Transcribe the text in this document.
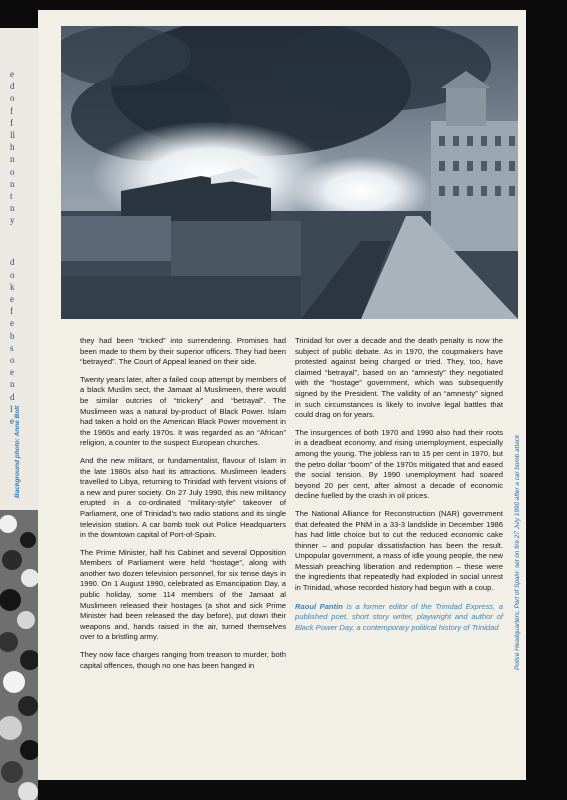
e
d
o
f
f
ll
h
n
o
n
t
n
y
d
o
k
e
f
e
b
s
o
e
n
d
l
e Background photo: Anne Bolt

they had been “tricked” into surrendering. Promises had been made to them by their superior officers. They had been “betrayed”. The Court of Appeal leaned on their side.

Twenty years later, after a failed coup attempt by members of a black Muslim sect, the Jamaat al Muslimeen, there would be similar outcries of “trickery” and “betrayal”. The Muslimeen was a natural by-product of Black Power. Islam had taken a hold on the American Black Power movement in the 1960s and early 1970s. It was regarded as an “African” religion, a counter to the suspect European churches.

And the new militant, or fundamentalist, flavour of Islam in the late 1980s also had its attractions. Muslimeen leaders travelled to Libya, returning to Trinidad with fervent visions of a new and purer society. On 27 July 1990, this new militancy erupted in a co-ordinated “military-style” takeover of Parliament, one of Trinidad’s two radio stations and its single television station. A car bomb took out Police Headquarters in the downtown capital of Port-of-Spain.

The Prime Minister, half his Cabinet and several Opposition Members of Parliament were held “hostage”, along with another two dozen television personnel, for six tense days in 1990. On 1 August 1990, celebrated as Emancipation Day, a public holiday, some 114 members of the Jamaat al Muslimeen released their hostages (a shot and sick Prime Minister had been released the day before), put down their weapons and, hands raised in the air, turned themselves over to a bristling army.

They now face charges ranging from treason to murder, both capital offences, though no one has been hanged in

Trinidad for over a decade and the death penalty is now the subject of public debate. As in 1970, the coupmakers have protested against being charged or tried. They, too, have claimed “betrayal”, based on an “amnesty” they negotiated with the “hostage” government, which was subsequently signed by the President. The validity of an “amnesty” signed in such circumstances is likely to involve legal battles that could drag on for years.

The insurgences of both 1970 and 1990 also had their roots in a deadbeat economy, and rising unemployment, especially among the young. The jobless ran to 15 per cent in 1970, but the petro dollar “boom” of the 1970s mitigated that and eased the social tension. By 1990 unemployment had soared beyond 20 per cent, after almost a decade of economic decline fuelled by the crash in oil prices.

The National Alliance for Reconstruction (NAR) government that defeated the PNM in a 33-3 landslide in December 1986 has had little choice but to cut the reduced economic cake thinner – and popular dissatisfaction has been the result. Unpopular government, a mass of idle young people, the new Messiah preaching liberation and redemption – these were the ingredients that repeatedly had exploded in social unrest in Trinidad, whose recorded history had begun with a coup.

Raoul Pantin is a former editor of the Trinidad Express, a published poet, short story writer, playwright and author of Black Power Day, a contemporary political history of Trinidad	Police Headquarters, Port of Spain: set on fire 27 July 1990 after a car bomb attack
